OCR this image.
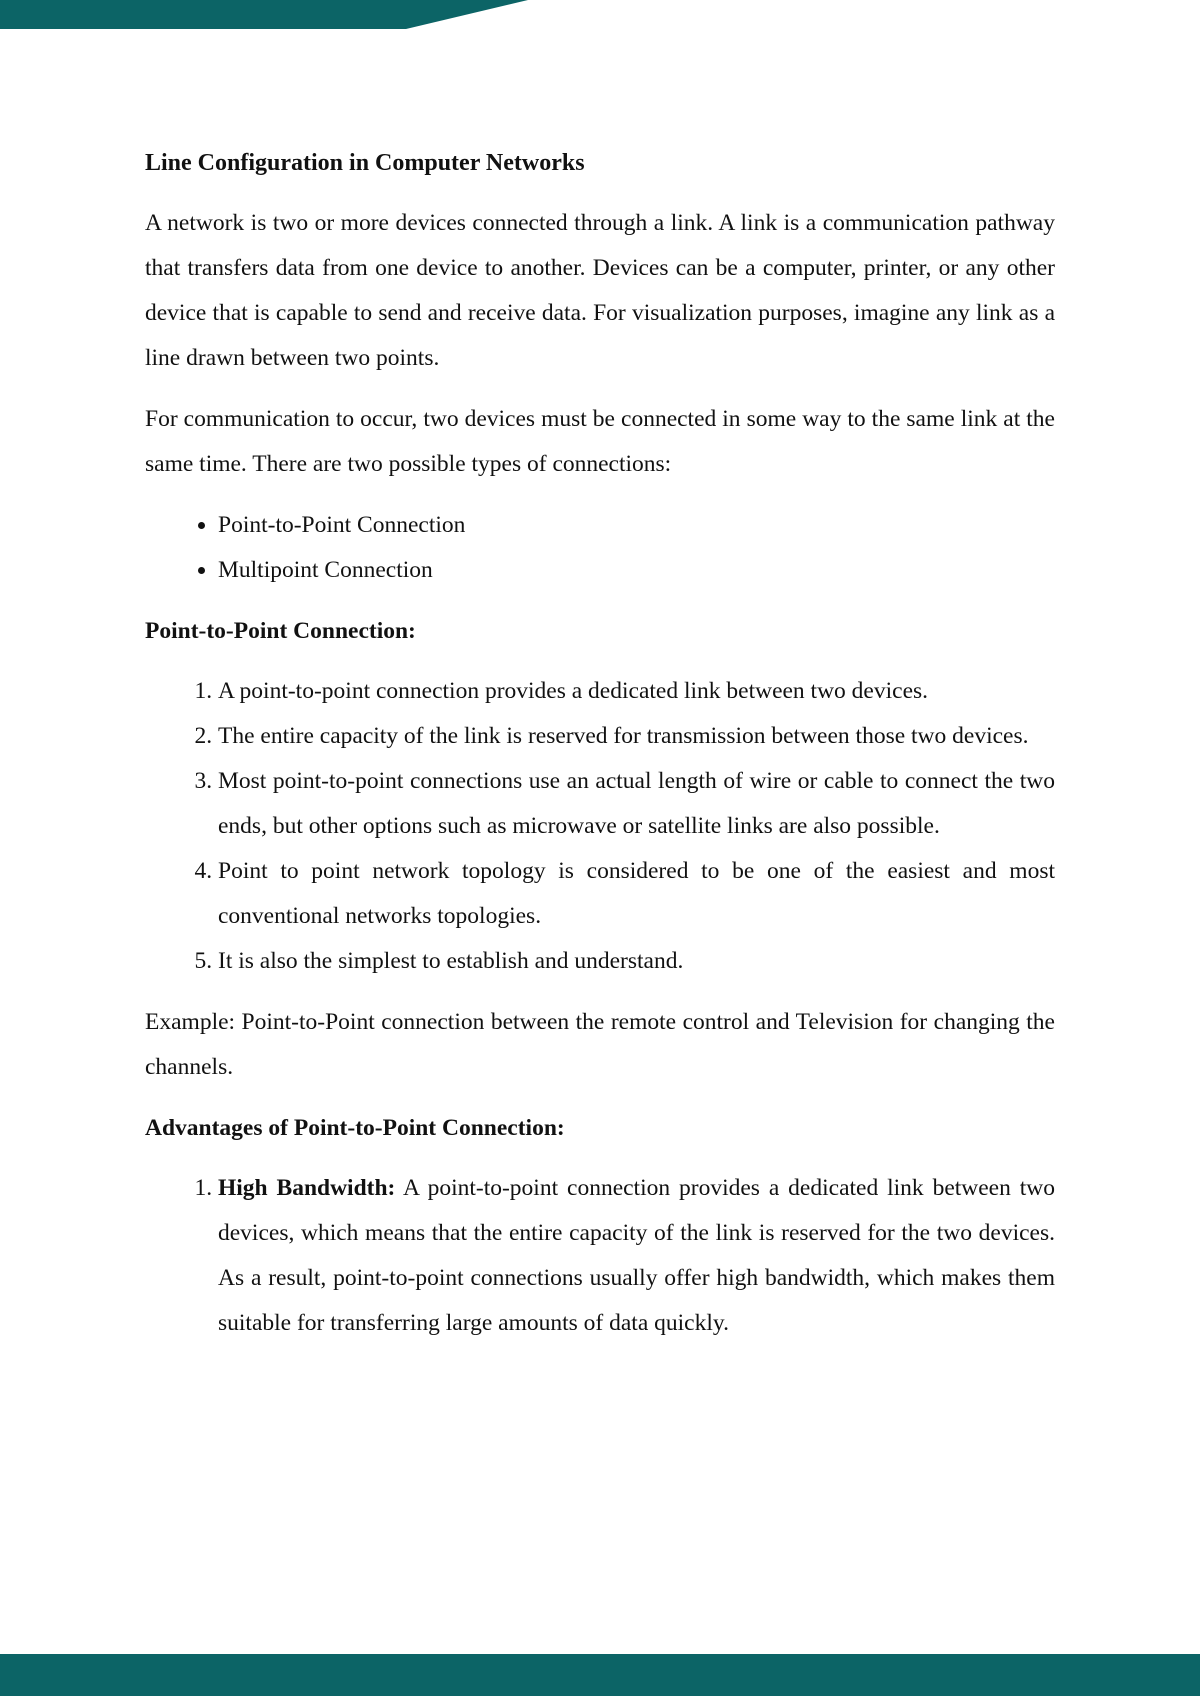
Line Configuration in Computer Networks

A network is two or more devices connected through a link. A link is a communication pathway that transfers data from one device to another. Devices can be a computer, printer, or any other device that is capable to send and receive data. For visualization purposes, imagine any link as a line drawn between two points.

For communication to occur, two devices must be connected in some way to the same link at the same time. There are two possible types of connections:

• Point-to-Point Connection
• Multipoint Connection
Point-to-Point Connection:
1. A point-to-point connection provides a dedicated link between two devices.
2. The entire capacity of the link is reserved for transmission between those two devices.
3. Most point-to-point connections use an actual length of wire or cable to connect the two ends, but other options such as microwave or satellite links are also possible.
4. Point to point network topology is considered to be one of the easiest and most conventional networks topologies.
5. It is also the simplest to establish and understand.

Example: Point-to-Point connection between the remote control and Television for changing the channels.

Advantages of Point-to-Point Connection:
1. High Bandwidth: A point-to-point connection provides a dedicated link between two devices, which means that the entire capacity of the link is reserved for the two devices. As a result, point-to-point connections usually offer high bandwidth, which makes them suitable for transferring large amounts of data quickly.
